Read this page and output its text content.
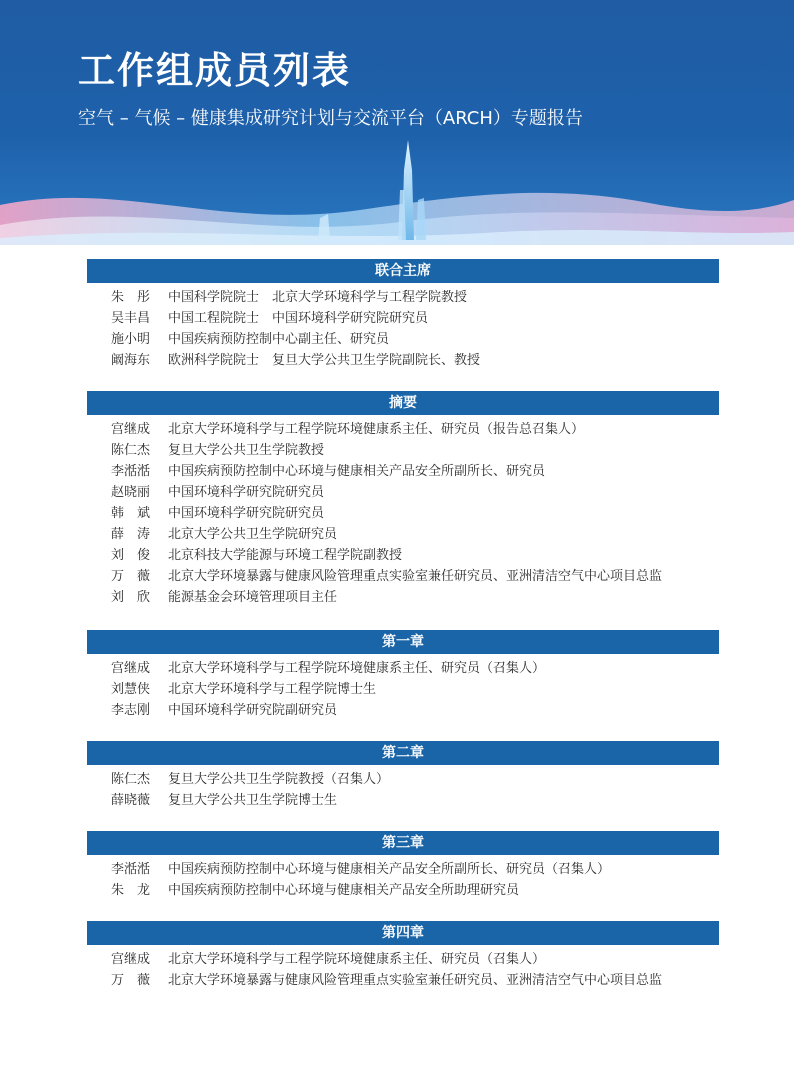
工作组成员列表
空气 – 气候 – 健康集成研究计划与交流平台（ARCH）专题报告
联合主席
朱　彤	中国科学院院士　北京大学环境科学与工程学院教授
吴丰昌	中国工程院院士　中国环境科学研究院研究员
施小明	中国疾病预防控制中心副主任、研究员
阚海东	欧洲科学院院士　复旦大学公共卫生学院副院长、教授
摘要
宫继成	北京大学环境科学与工程学院环境健康系主任、研究员（报告总召集人）
陈仁杰	复旦大学公共卫生学院教授
李湉湉	中国疾病预防控制中心环境与健康相关产品安全所副所长、研究员
赵晓丽	中国环境科学研究院研究员
韩　斌	中国环境科学研究院研究员
薛　涛	北京大学公共卫生学院研究员
刘　俊	北京科技大学能源与环境工程学院副教授
万　薇	北京大学环境暴露与健康风险管理重点实验室兼任研究员、亚洲清洁空气中心项目总监
刘　欣	能源基金会环境管理项目主任
第一章
宫继成	北京大学环境科学与工程学院环境健康系主任、研究员（召集人）
刘慧侠	北京大学环境科学与工程学院博士生
李志刚	中国环境科学研究院副研究员
第二章
陈仁杰	复旦大学公共卫生学院教授（召集人）
薛晓薇	复旦大学公共卫生学院博士生
第三章
李湉湉	中国疾病预防控制中心环境与健康相关产品安全所副所长、研究员（召集人）
朱　龙	中国疾病预防控制中心环境与健康相关产品安全所助理研究员
第四章
宫继成	北京大学环境科学与工程学院环境健康系主任、研究员（召集人）
万　薇	北京大学环境暴露与健康风险管理重点实验室兼任研究员、亚洲清洁空气中心项目总监
